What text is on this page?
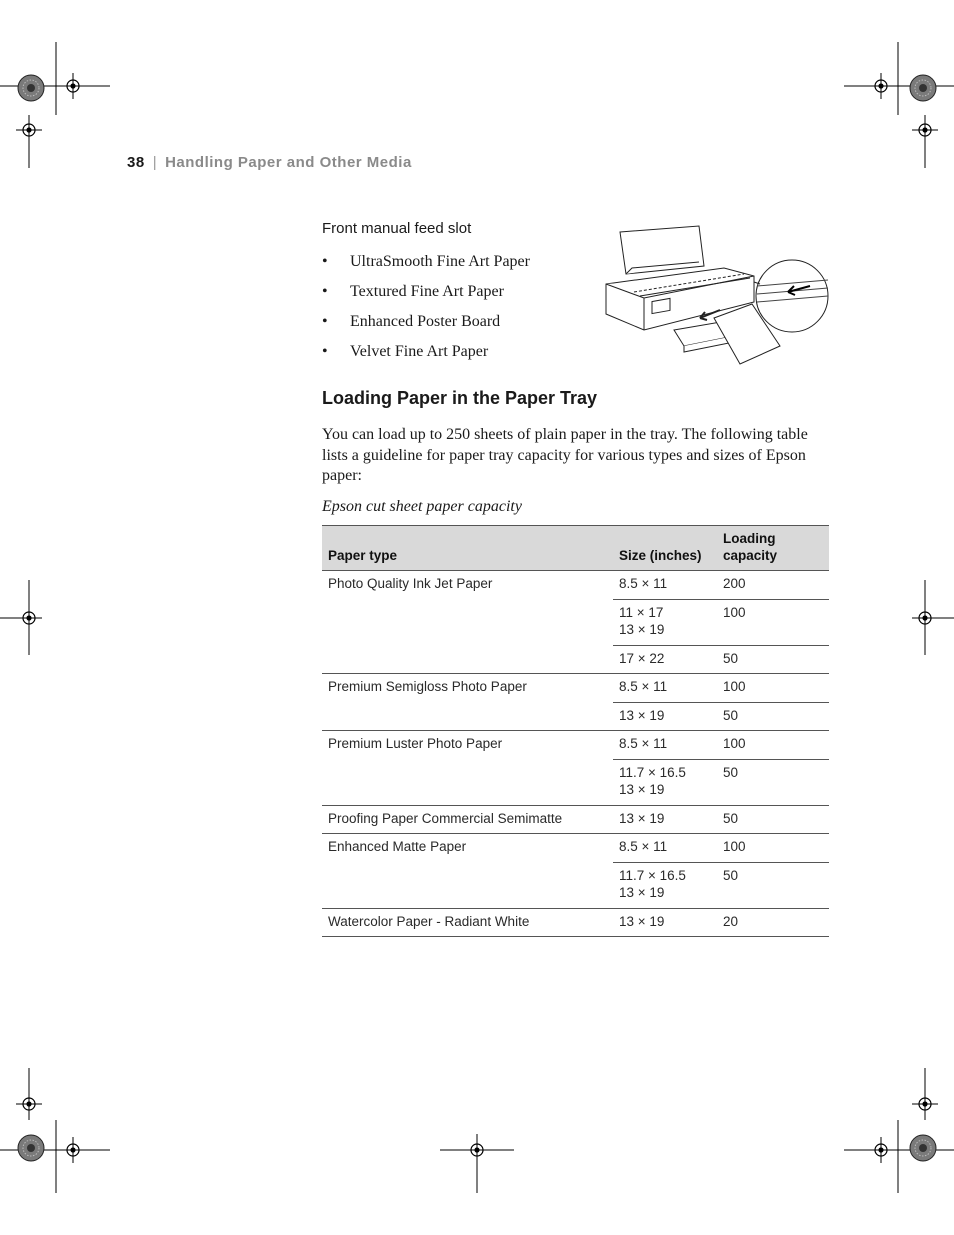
38 | Handling Paper and Other Media
Front manual feed slot
• UltraSmooth Fine Art Paper
• Textured Fine Art Paper
• Enhanced Poster Board
• Velvet Fine Art Paper
Loading Paper in the Paper Tray

You can load up to 250 sheets of plain paper in the tray. The following table lists a guideline for paper tray capacity for various types and sizes of Epson paper:

Epson cut sheet paper capacity
Paper type	Size (inches)	Loading
capacity

Photo Quality Ink Jet Paper	8.5 × 11	200

	11 × 17
13 × 19	100

	17 × 22	50
Premium Semigloss Photo Paper	8.5 × 11	100

	13 × 19	50
Premium Luster Photo Paper	8.5 × 11	100

	11.7 × 16.5
13 × 19	50
Proofing Paper Commercial Semimatte	13 × 19	50
Enhanced Matte Paper	8.5 × 11	100

	11.7 × 16.5
13 × 19	50
Watercolor Paper - Radiant White	13 × 19	20
